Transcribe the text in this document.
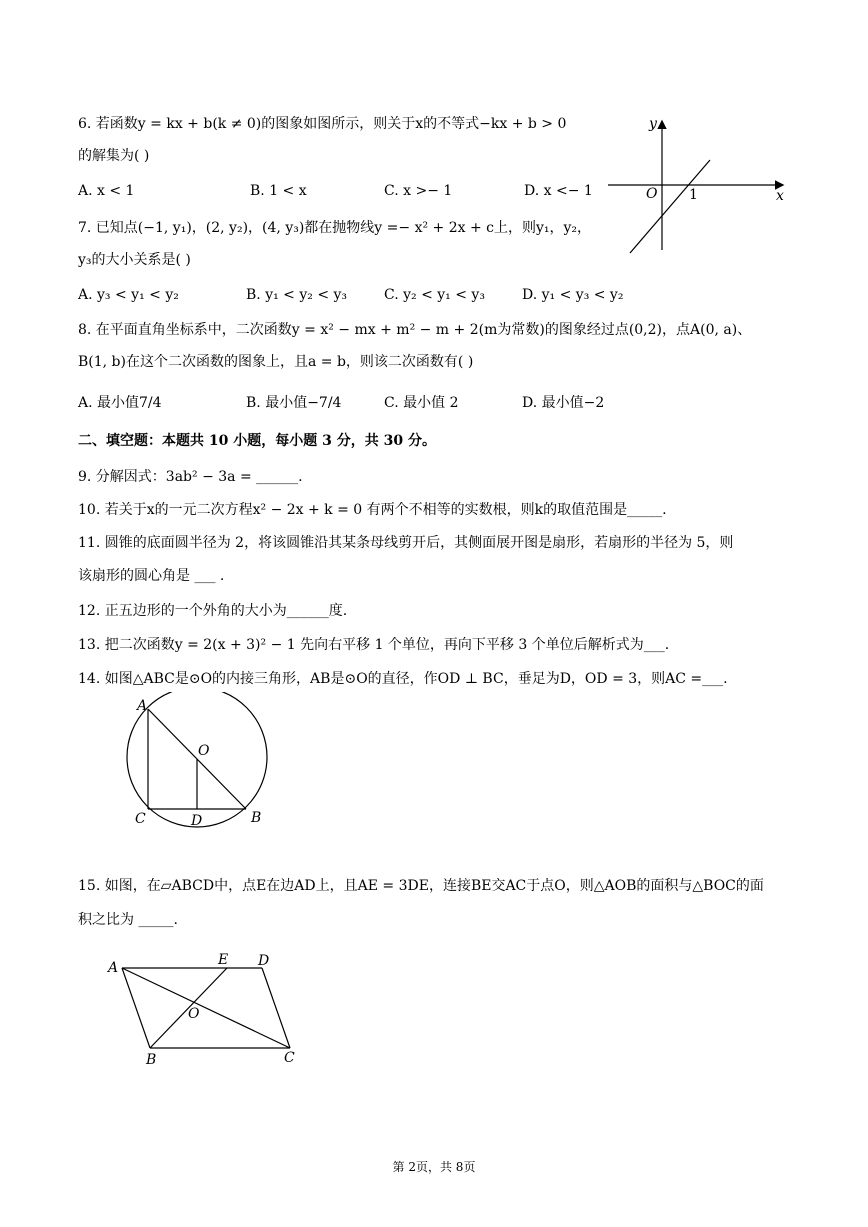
6. 若函数y = kx + b(k ≠ 0)的图象如图所示，则关于x的不等式−kx + b > 0
的解集为( )
A. x < 1	B. 1 < x	C. x >− 1	D. x <− 1
y
x
O 1
7. 已知点(−1, y₁)，(2, y₂)，(4, y₃)都在抛物线y =− x² + 2x + c上，则y₁，y₂，
y₃的大小关系是( )
A. y₃ < y₁ < y₂	B. y₁ < y₂ < y₃	C. y₂ < y₁ < y₃	D. y₁ < y₃ < y₂
8. 在平面直角坐标系中，二次函数y = x² − mx + m² − m + 2(m为常数)的图象经过点(0,2)，点A(0, a)、
B(1, b)在这个二次函数的图象上，且a = b，则该二次函数有( )
A. 最小值7/4	B. 最小值−7/4	C. 最小值 2	D. 最小值−2
二、填空题：本题共 10 小题，每小题 3 分，共 30 分。
9. 分解因式：3ab² − 3a = ______.
10. 若关于x的一元二次方程x² − 2x + k = 0 有两个不相等的实数根，则k的取值范围是_____.
11. 圆锥的底面圆半径为 2，将该圆锥沿其某条母线剪开后，其侧面展开图是扇形，若扇形的半径为 5，则
该扇形的圆心角是 ___ .
12. 正五边形的一个外角的大小为______度.
13. 把二次函数y = 2(x + 3)² − 1 先向右平移 1 个单位，再向下平移 3 个单位后解析式为___.
14. 如图△ABC是⊙O的内接三角形，AB是⊙O的直径，作OD ⊥ BC，垂足为D，OD = 3，则AC =___.
A
O
C	D	B
15. 如图，在▱ABCD中，点E在边AD上，且AE = 3DE，连接BE交AC于点O，则△AOB的面积与△BOC的面
积之比为 _____.
A	E D
O
B	C
第 2页，共 8页
